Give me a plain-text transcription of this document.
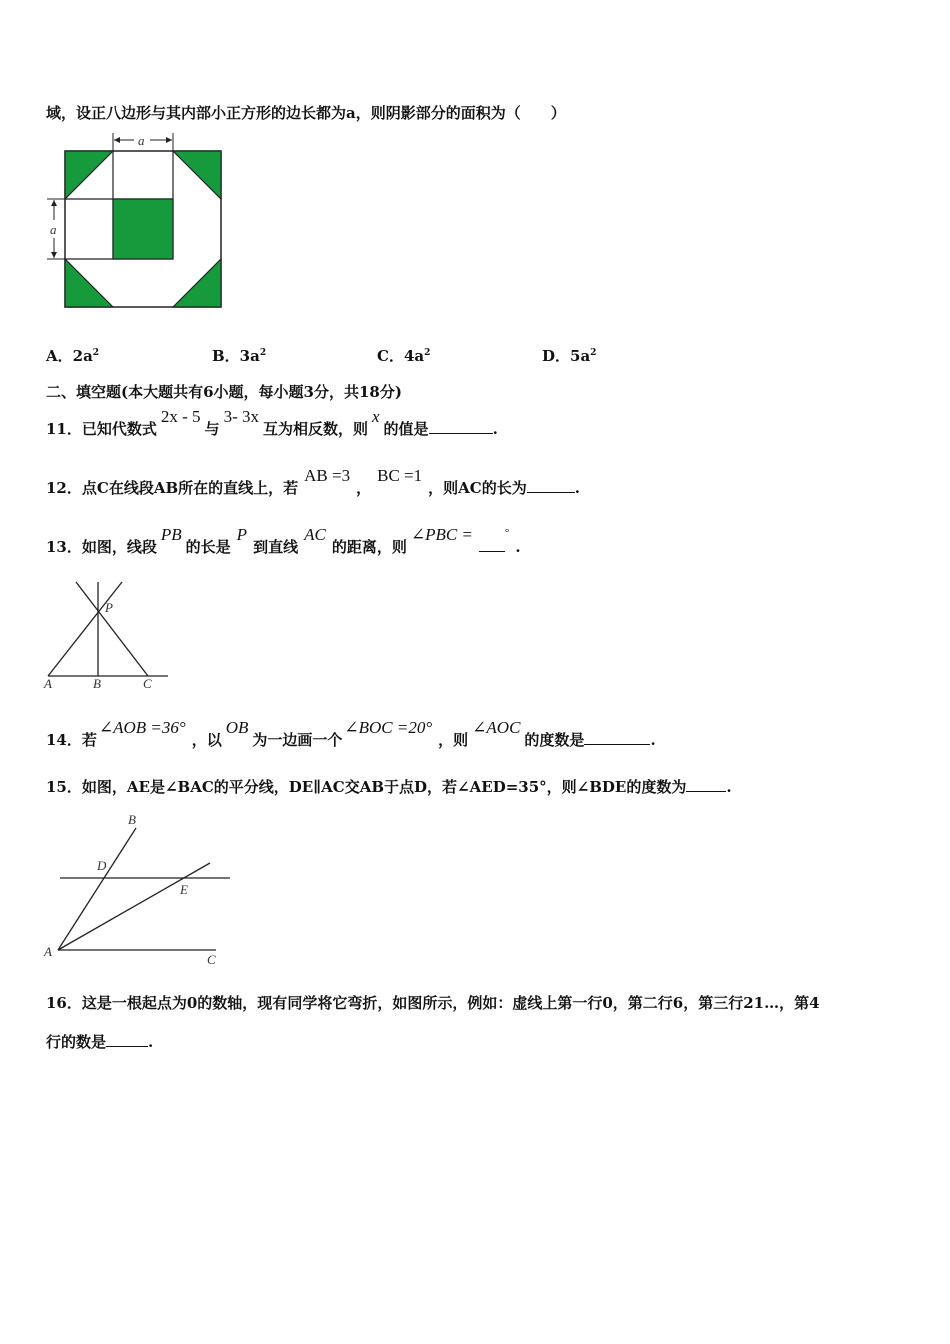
域，设正八边形与其内部小正方形的边长都为a，则阴影部分的面积为（　　）
a
a
A．$2a^2$	B．$3a^2$	C．$4a^2$	D．$5a^2$
二、填空题(本大题共有6小题，每小题3分，共18分)
11．已知代数式2x - 5与3- 3x互为相反数，则x的值是	.
12．点C在线段AB所在的直线上，若AB =3，BC =1，则AC的长为	.
13．如图，线段PB的长是P到直线AC的距离，则∠PBC =	°.
A	B	C
P
14．若∠AOB =36°，以OB为一边画一个∠BOC =20°，则∠AOC的度数是	.
15．如图，AE是∠BAC的平分线，DE∥AC交AB于点D，若∠AED=35°，则∠BDE的度数为	.
B
D
E
A
C
16．这是一根起点为0的数轴，现有同学将它弯折，如图所示，例如：虚线上第一行0，第二行6，第三行21…，第4
行的数是	.
